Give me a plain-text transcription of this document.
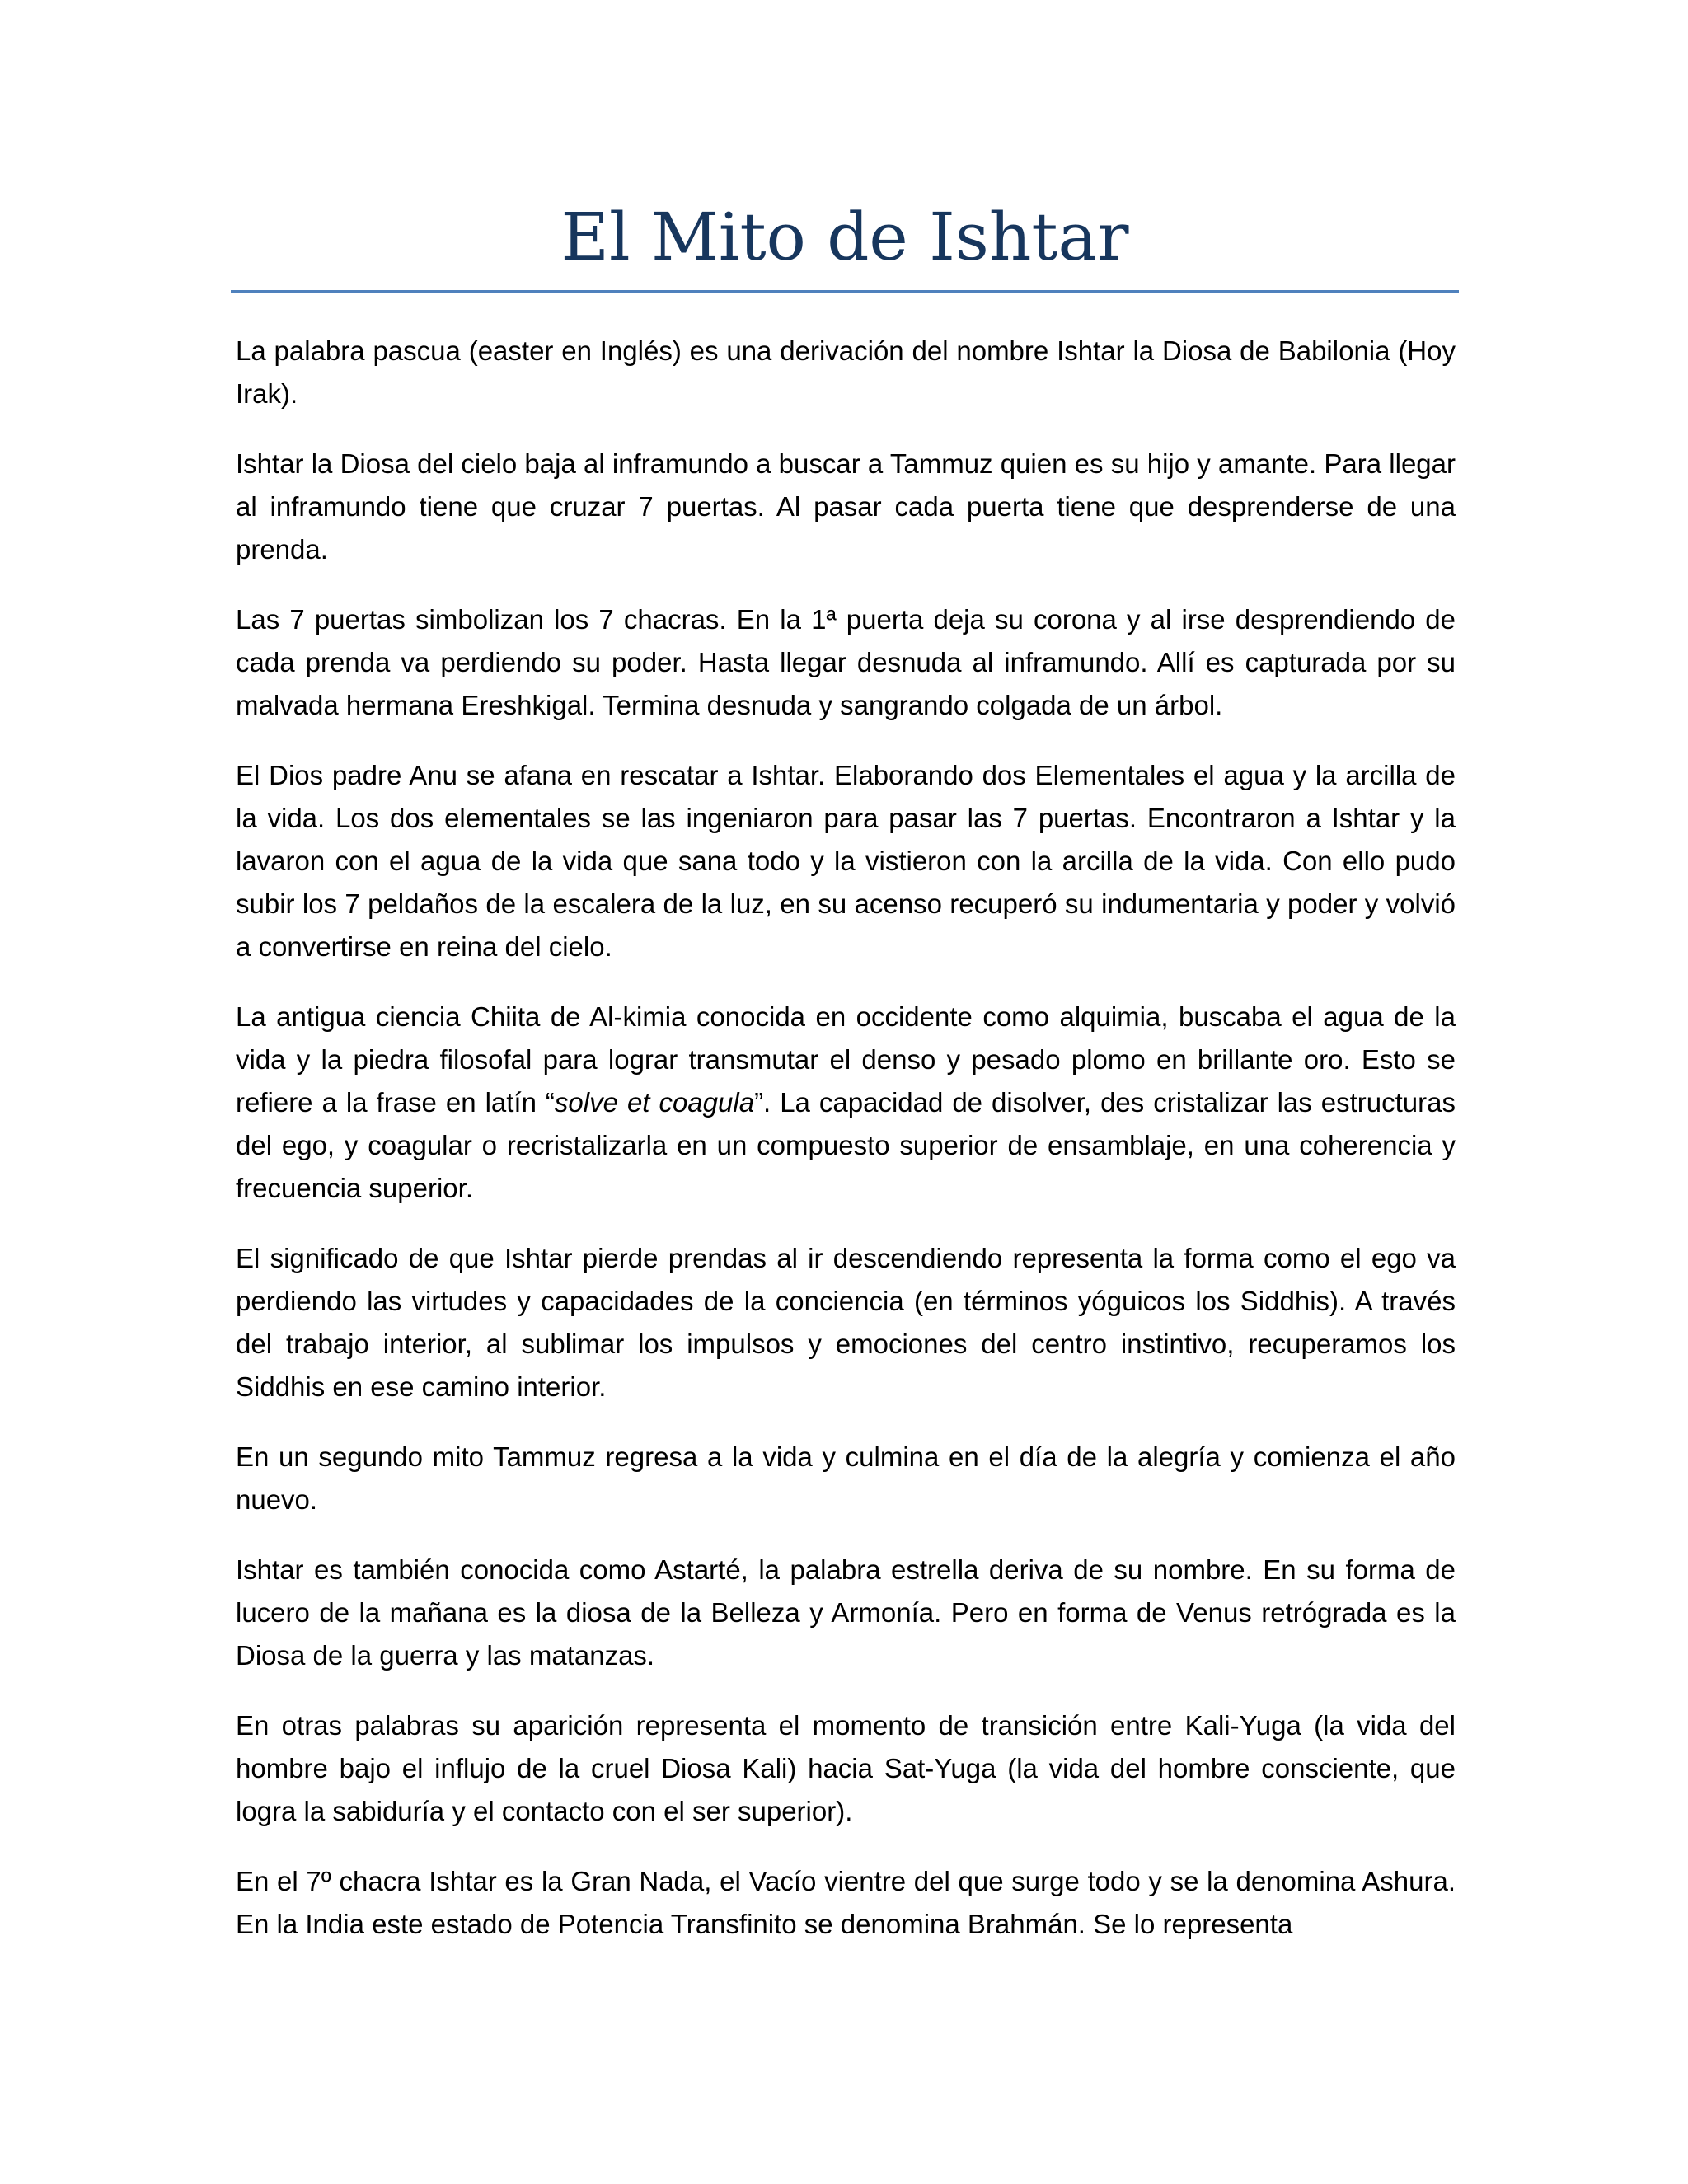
El Mito de Ishtar

La palabra pascua (easter en Inglés) es una derivación del nombre Ishtar la Diosa de Babilonia (Hoy Irak).

Ishtar la Diosa del cielo baja al inframundo a buscar a Tammuz quien es su hijo y amante. Para llegar al inframundo tiene que cruzar 7 puertas. Al pasar cada puerta tiene que desprenderse de una prenda.

Las 7 puertas simbolizan los 7 chacras. En la 1ª puerta deja su corona y al irse desprendiendo de cada prenda va perdiendo su poder. Hasta llegar desnuda al inframundo. Allí es capturada por su malvada hermana Ereshkigal. Termina desnuda y sangrando colgada de un árbol.

El Dios padre Anu se afana en rescatar a Ishtar. Elaborando dos Elementales el agua y la arcilla de la vida. Los dos elementales se las ingeniaron para pasar las 7 puertas. Encontraron a Ishtar y la lavaron con el agua de la vida que sana todo y la vistieron con la arcilla de la vida. Con ello pudo subir los 7 peldaños de la escalera de la luz, en su acenso recuperó su indumentaria y poder y volvió a convertirse en reina del cielo.

La antigua ciencia Chiita de Al-kimia conocida en occidente como alquimia, buscaba el agua de la vida y la piedra filosofal para lograr transmutar el denso y pesado plomo en brillante oro. Esto se refiere a la frase en latín “solve et coagula”. La capacidad de disolver, des cristalizar las estructuras del ego, y coagular o recristalizarla en un compuesto superior de ensamblaje, en una coherencia y frecuencia superior.

El significado de que Ishtar pierde prendas al ir descendiendo representa la forma como el ego va perdiendo las virtudes y capacidades de la conciencia (en términos yóguicos los Siddhis). A través del trabajo interior, al sublimar los impulsos y emociones del centro instintivo, recuperamos los Siddhis en ese camino interior.

En un segundo mito Tammuz regresa a la vida y culmina en el día de la alegría y comienza el año nuevo.

Ishtar es también conocida como Astarté, la palabra estrella deriva de su nombre. En su forma de lucero de la mañana es la diosa de la Belleza y Armonía. Pero en forma de Venus retrógrada es la Diosa de la guerra y las matanzas.

En otras palabras su aparición representa el momento de transición entre Kali-Yuga (la vida del hombre bajo el influjo de la cruel Diosa Kali) hacia Sat-Yuga (la vida del hombre consciente, que logra la sabiduría y el contacto con el ser superior).

En el 7º chacra Ishtar es la Gran Nada, el Vacío vientre del que surge todo y se la denomina Ashura. En la India este estado de Potencia Transfinito se denomina Brahmán. Se lo representa
